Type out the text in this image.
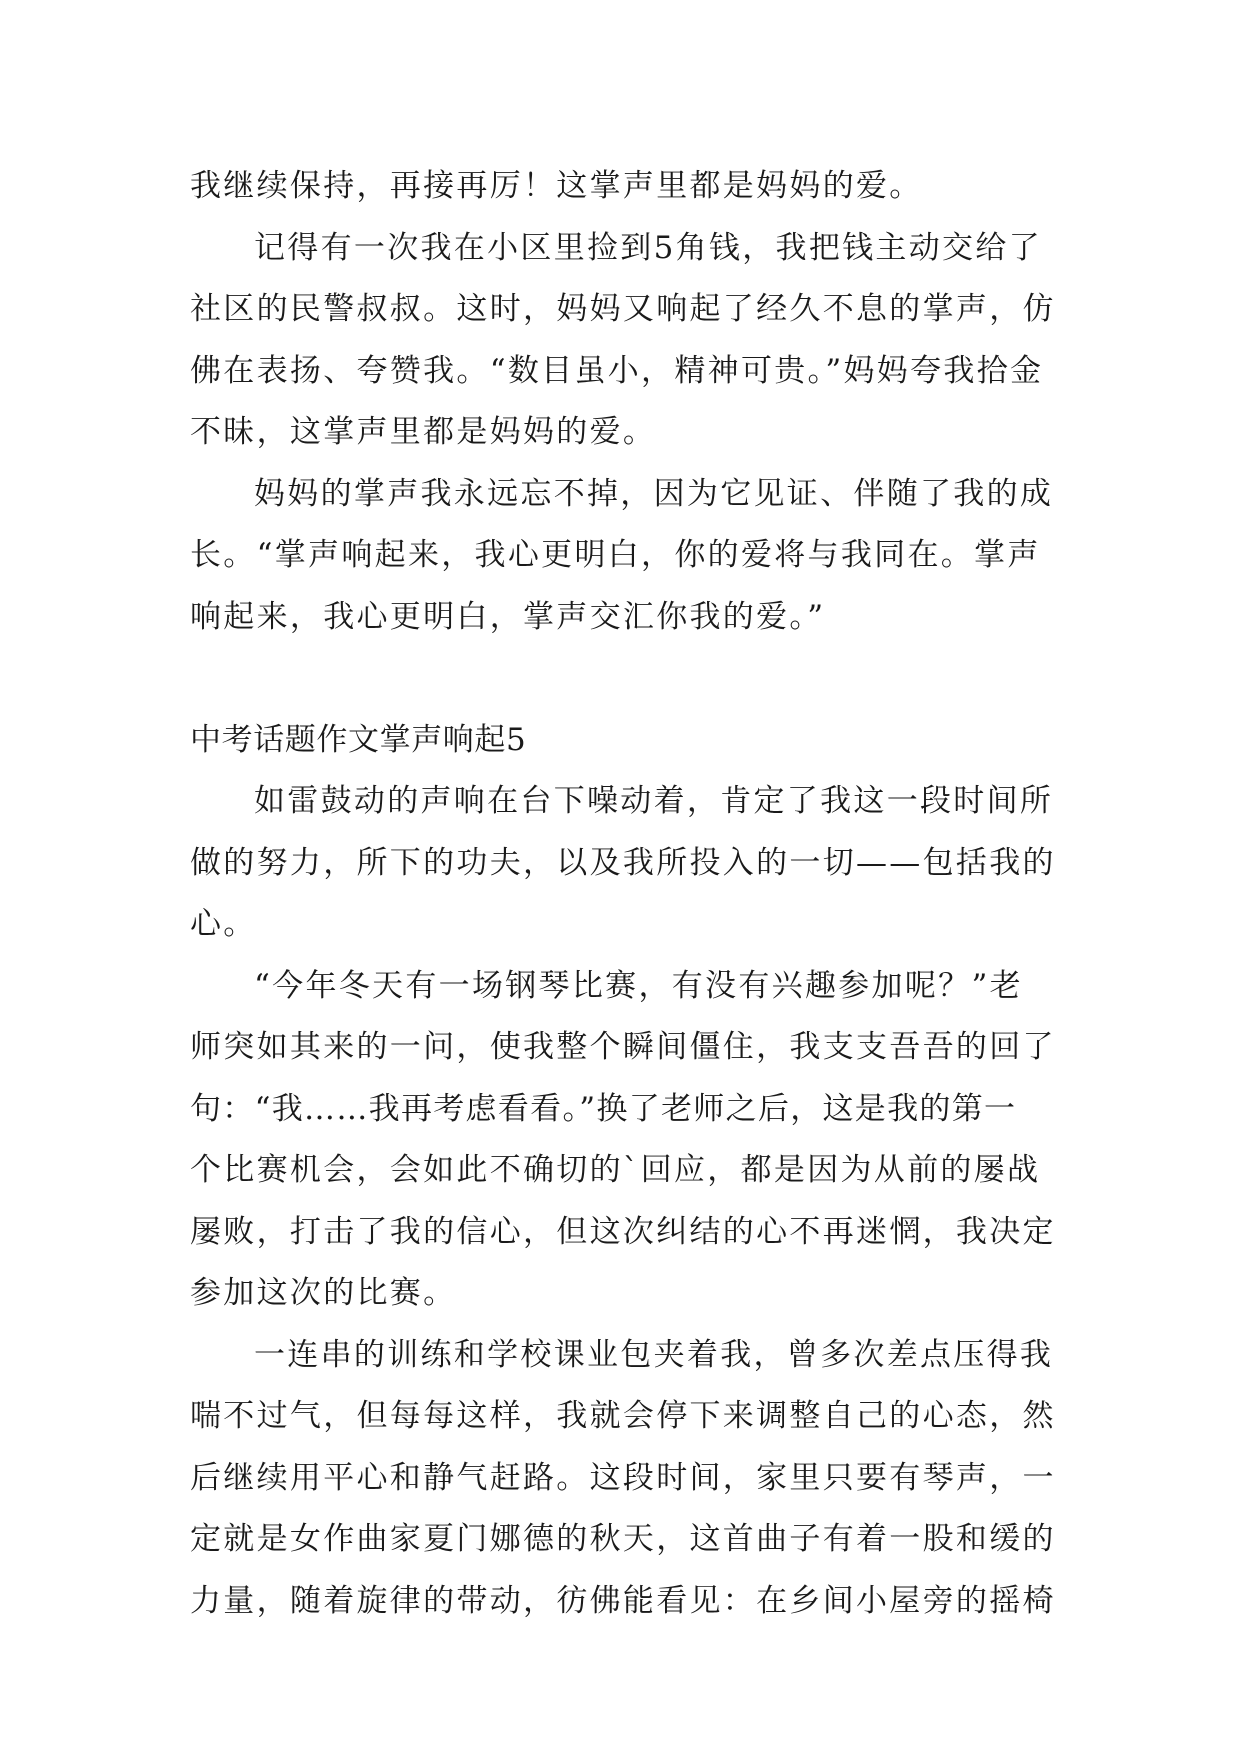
我继续保持，再接再厉！这掌声里都是妈妈的爱。
记得有一次我在小区里捡到5角钱，我把钱主动交给了
社区的民警叔叔。这时，妈妈又响起了经久不息的掌声，仿
佛在表扬、夸赞我。“数目虽小，精神可贵。”妈妈夸我拾金
不昧，这掌声里都是妈妈的爱。
妈妈的掌声我永远忘不掉，因为它见证、伴随了我的成
长。“掌声响起来，我心更明白，你的爱将与我同在。掌声
响起来，我心更明白，掌声交汇你我的爱。”
中考话题作文掌声响起5
如雷鼓动的声响在台下噪动着，肯定了我这一段时间所
做的努力，所下的功夫，以及我所投入的一切——包括我的
心。
“今年冬天有一场钢琴比赛，有没有兴趣参加呢？”老
师突如其来的一问，使我整个瞬间僵住，我支支吾吾的回了
句：“我……我再考虑看看。”换了老师之后，这是我的第一
个比赛机会，会如此不确切的`回应，都是因为从前的屡战
屡败，打击了我的信心，但这次纠结的心不再迷惘，我决定
参加这次的比赛。
一连串的训练和学校课业包夹着我，曾多次差点压得我
喘不过气，但每每这样，我就会停下来调整自己的心态，然
后继续用平心和静气赶路。这段时间，家里只要有琴声，一
定就是女作曲家夏门娜德的秋天，这首曲子有着一股和缓的
力量，随着旋律的带动，彷佛能看见：在乡间小屋旁的摇椅
